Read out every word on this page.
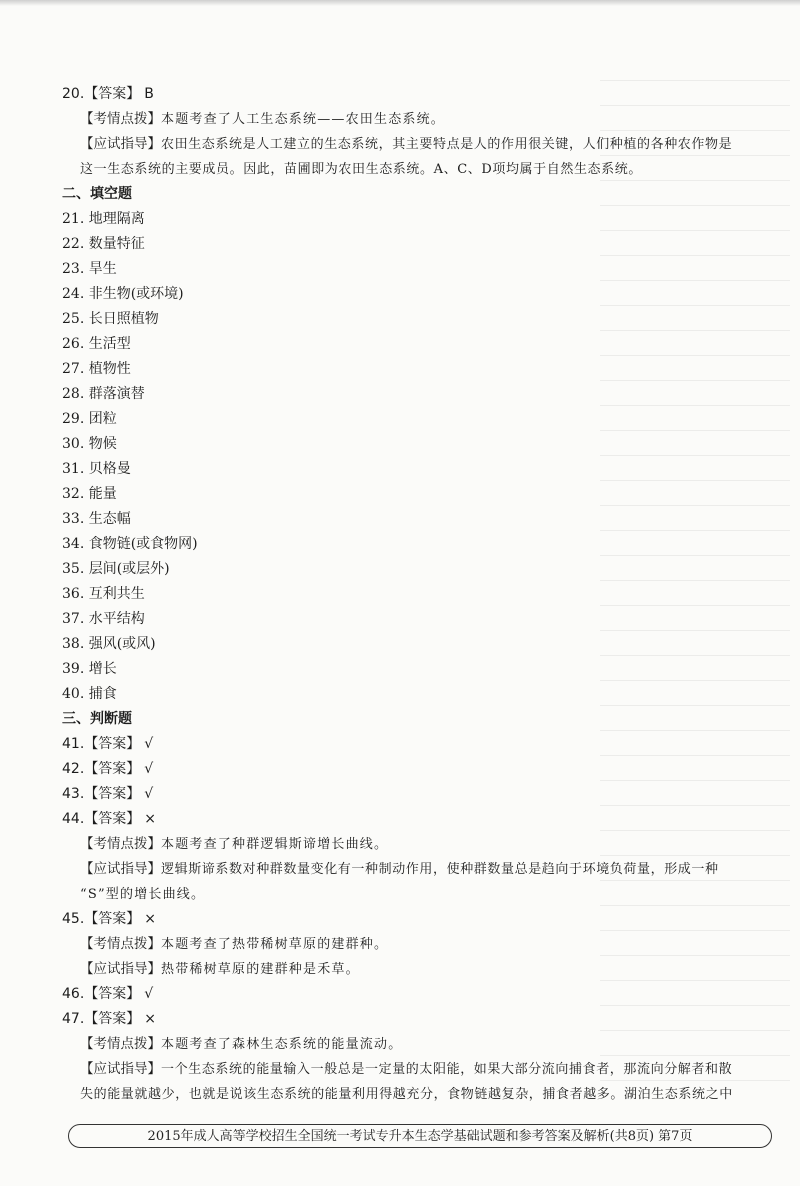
20.【答案】 B
【考情点拨】本题考查了人工生态系统——农田生态系统。
【应试指导】农田生态系统是人工建立的生态系统，其主要特点是人的作用很关键，人们种植的各种农作物是
这一生态系统的主要成员。因此，苗圃即为农田生态系统。A、C、D项均属于自然生态系统。
二、填空题
21. 地理隔离
22. 数量特征
23. 旱生
24. 非生物(或环境)
25. 长日照植物
26. 生活型
27. 植物性
28. 群落演替
29. 团粒
30. 物候
31. 贝格曼
32. 能量
33. 生态幅
34. 食物链(或食物网)
35. 层间(或层外)
36. 互利共生
37. 水平结构
38. 强风(或风)
39. 增长
40. 捕食
三、判断题
41.【答案】 √
42.【答案】 √
43.【答案】 √
44.【答案】 ×
【考情点拨】本题考查了种群逻辑斯谛增长曲线。
【应试指导】逻辑斯谛系数对种群数量变化有一种制动作用，使种群数量总是趋向于环境负荷量，形成一种
“S”型的增长曲线。
45.【答案】 ×
【考情点拨】本题考查了热带稀树草原的建群种。
【应试指导】热带稀树草原的建群种是禾草。
46.【答案】 √
47.【答案】 ×
【考情点拨】本题考查了森林生态系统的能量流动。
【应试指导】一个生态系统的能量输入一般总是一定量的太阳能，如果大部分流向捕食者，那流向分解者和散
失的能量就越少，也就是说该生态系统的能量利用得越充分，食物链越复杂，捕食者越多。湖泊生态系统之中
2015年成人高等学校招生全国统一考试专升本生态学基础试题和参考答案及解析(共8页) 第7页
